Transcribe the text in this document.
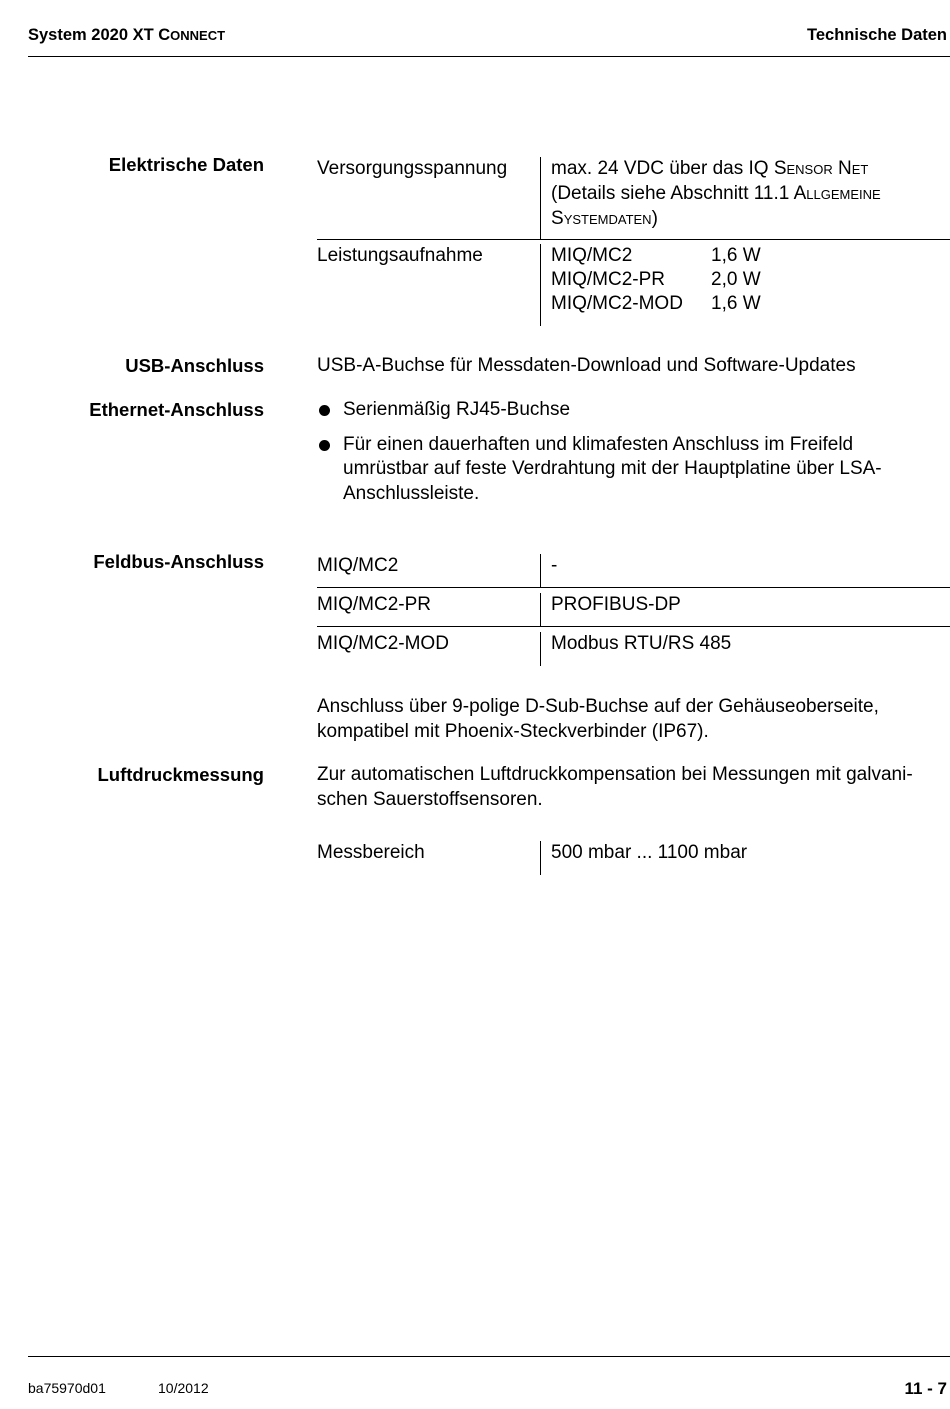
System 2020 XT CONNECT	Technische Daten
Elektrische Daten	Versorgungsspannung	max. 24 VDC über das IQ SENSOR NET
(Details siehe Abschnitt 11.1 ALLGEMEINE
SYSTEMDATEN)
Leistungsaufnahme	MIQ/MC2	1,6 W
MIQ/MC2-PR	2,0 W
MIQ/MC2-MOD	1,6 W
USB-Anschluss	USB-A-Buchse für Messdaten-Download und Software-Updates
Ethernet-Anschluss	Serienmäßig RJ45-Buchse
Für einen dauerhaften und klimafesten Anschluss im Freifeld
umrüstbar auf feste Verdrahtung mit der Hauptplatine über LSA-
Anschlussleiste.
Feldbus-Anschluss	MIQ/MC2	-
MIQ/MC2-PR	PROFIBUS-DP
MIQ/MC2-MOD	Modbus RTU/RS 485
Anschluss über 9-polige D-Sub-Buchse auf der Gehäuseoberseite,
kompatibel mit Phoenix-Steckverbinder (IP67).
Luftdruckmessung	Zur automatischen Luftdruckkompensation bei Messungen mit galvani-
schen Sauerstoffsensoren.
Messbereich	500 mbar ... 1100 mbar
ba75970d01	10/2012	11 - 7
